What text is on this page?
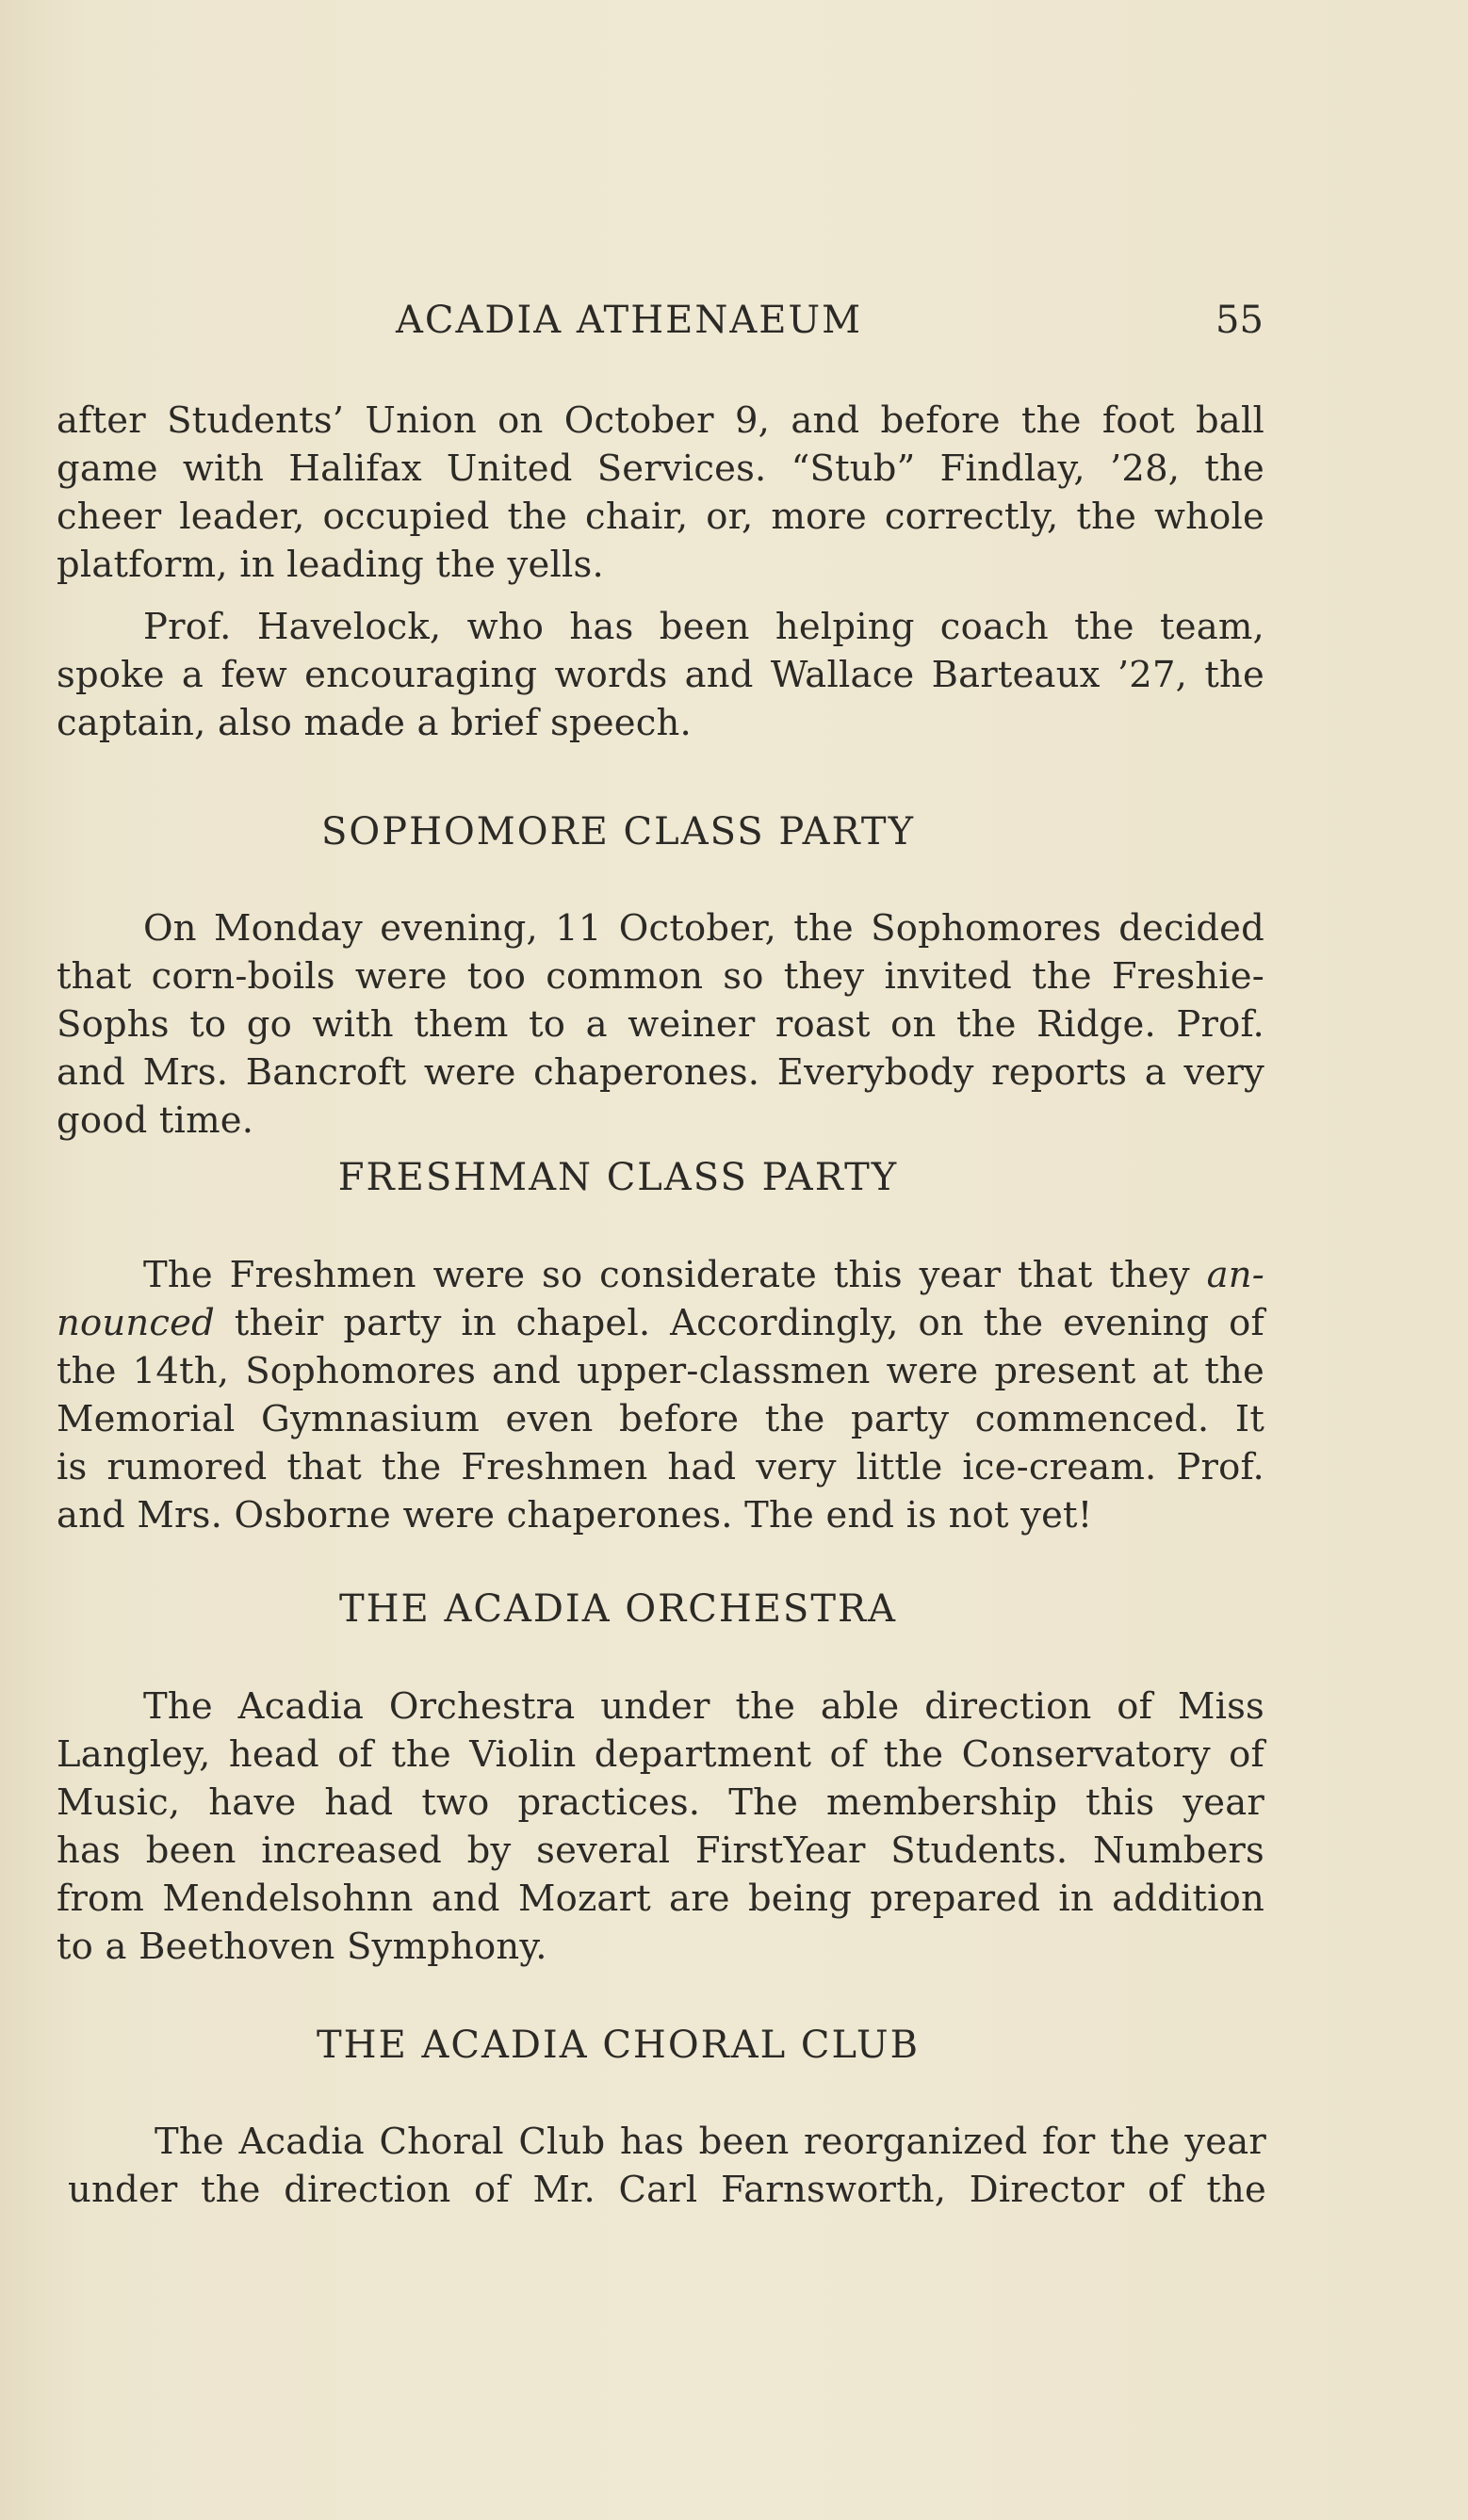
ACADIA ATHENAEUM	55

after Students’ Union on October 9, and before the foot ball

game with Halifax United Services. “Stub” Findlay, ’28, the

cheer leader, occupied the chair, or, more correctly, the whole

platform, in leading the yells.

Prof. Havelock, who has been helping coach the team,

spoke a few encouraging words and Wallace Barteaux ’27, the

captain, also made a brief speech.

SOPHOMORE CLASS PARTY

On Monday evening, 11 October, the Sophomores decided

that corn-boils were too common so they invited the Freshie-

Sophs to go with them to a weiner roast on the Ridge. Prof.

and Mrs. Bancroft were chaperones. Everybody reports a very

good time.

FRESHMAN CLASS PARTY

The Freshmen were so considerate this year that they an-

nounced their party in chapel. Accordingly, on the evening of

the 14th, Sophomores and upper-classmen were present at the

Memorial Gymnasium even before the party commenced. It

is rumored that the Freshmen had very little ice-cream. Prof.

and Mrs. Osborne were chaperones. The end is not yet!

THE ACADIA ORCHESTRA

The Acadia Orchestra under the able direction of Miss

Langley, head of the Violin department of the Conservatory of

Music, have had two practices. The membership this year

has been increased by several FirstYear Students. Numbers

from Mendelsohnn and Mozart are being prepared in addition

to a Beethoven Symphony.

THE ACADIA CHORAL CLUB

The Acadia Choral Club has been reorganized for the year

under the direction of Mr. Carl Farnsworth, Director of the
